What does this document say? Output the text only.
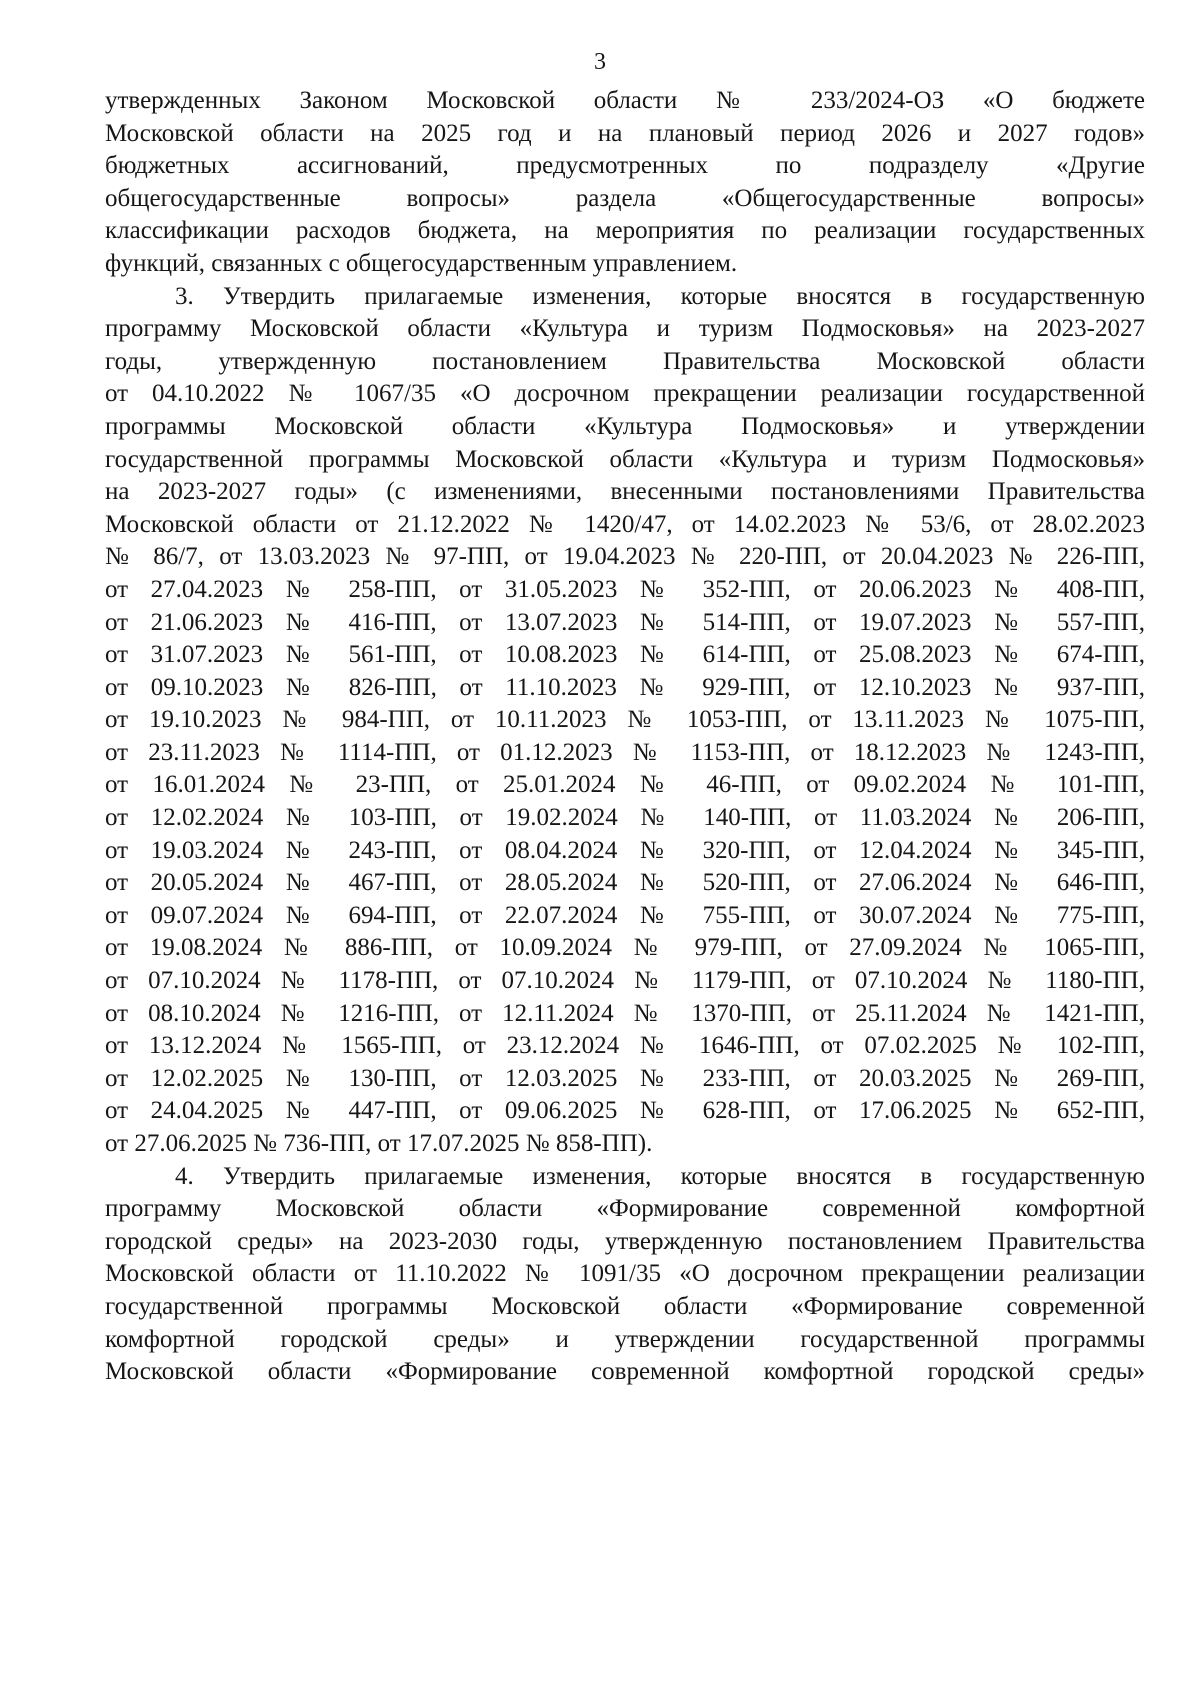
3
утвержденных Законом Московской области № 233/2024-ОЗ «О бюджете
Московской области на 2025 год и на плановый период 2026 и 2027 годов»
бюджетных ассигнований, предусмотренных по подразделу «Другие
общегосударственные вопросы» раздела «Общегосударственные вопросы»
классификации расходов бюджета, на мероприятия по реализации государственных
функций, связанных с общегосударственным управлением.
3. Утвердить прилагаемые изменения, которые вносятся в государственную
программу Московской области «Культура и туризм Подмосковья» на 2023-2027
годы, утвержденную постановлением Правительства Московской области
от 04.10.2022 № 1067/35 «О досрочном прекращении реализации государственной
программы Московской области «Культура Подмосковья» и утверждении
государственной программы Московской области «Культура и туризм Подмосковья»
на 2023-2027 годы» (с изменениями, внесенными постановлениями Правительства
Московской области от 21.12.2022 № 1420/47, от 14.02.2023 № 53/6, от 28.02.2023
№ 86/7, от 13.03.2023 № 97-ПП, от 19.04.2023 № 220-ПП, от 20.04.2023 № 226-ПП,
от 27.04.2023 № 258-ПП, от 31.05.2023 № 352-ПП, от 20.06.2023 № 408-ПП,
от 21.06.2023 № 416-ПП, от 13.07.2023 № 514-ПП, от 19.07.2023 № 557-ПП,
от 31.07.2023 № 561-ПП, от 10.08.2023 № 614-ПП, от 25.08.2023 № 674-ПП,
от 09.10.2023 № 826-ПП, от 11.10.2023 № 929-ПП, от 12.10.2023 № 937-ПП,
от 19.10.2023 № 984-ПП, от 10.11.2023 № 1053-ПП, от 13.11.2023 № 1075-ПП,
от 23.11.2023 № 1114-ПП, от 01.12.2023 № 1153-ПП, от 18.12.2023 № 1243-ПП,
от 16.01.2024 № 23-ПП, от 25.01.2024 № 46-ПП, от 09.02.2024 № 101-ПП,
от 12.02.2024 № 103-ПП, от 19.02.2024 № 140-ПП, от 11.03.2024 № 206-ПП,
от 19.03.2024 № 243-ПП, от 08.04.2024 № 320-ПП, от 12.04.2024 № 345-ПП,
от 20.05.2024 № 467-ПП, от 28.05.2024 № 520-ПП, от 27.06.2024 № 646-ПП,
от 09.07.2024 № 694-ПП, от 22.07.2024 № 755-ПП, от 30.07.2024 № 775-ПП,
от 19.08.2024 № 886-ПП, от 10.09.2024 № 979-ПП, от 27.09.2024 № 1065-ПП,
от 07.10.2024 № 1178-ПП, от 07.10.2024 № 1179-ПП, от 07.10.2024 № 1180-ПП,
от 08.10.2024 № 1216-ПП, от 12.11.2024 № 1370-ПП, от 25.11.2024 № 1421-ПП,
от 13.12.2024 № 1565-ПП, от 23.12.2024 № 1646-ПП, от 07.02.2025 № 102-ПП,
от 12.02.2025 № 130-ПП, от 12.03.2025 № 233-ПП, от 20.03.2025 № 269-ПП,
от 24.04.2025 № 447-ПП, от 09.06.2025 № 628-ПП, от 17.06.2025 № 652-ПП,
от 27.06.2025 № 736-ПП, от 17.07.2025 № 858-ПП).
4. Утвердить прилагаемые изменения, которые вносятся в государственную
программу Московской области «Формирование современной комфортной
городской среды» на 2023-2030 годы, утвержденную постановлением Правительства
Московской области от 11.10.2022 № 1091/35 «О досрочном прекращении реализации
государственной программы Московской области «Формирование современной
комфортной городской среды» и утверждении государственной программы
Московской области «Формирование современной комфортной городской среды»
